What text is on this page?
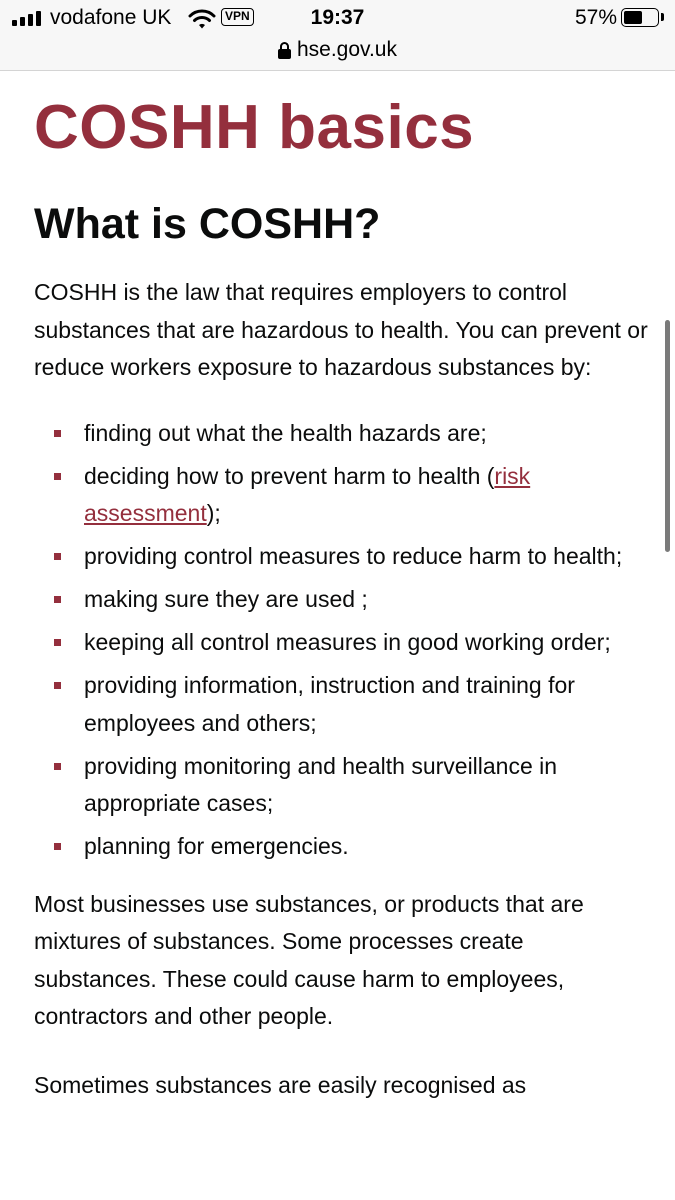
vodafone UK	VPN	19:37	57%
hse.gov.uk
COSHH basics
What is COSHH?

COSHH is the law that requires employers to control substances that are hazardous to health. You can prevent or reduce workers exposure to hazardous substances by:

finding out what the health hazards are;
deciding how to prevent harm to health (risk assessment);
providing control measures to reduce harm to health;
making sure they are used ;
keeping all control measures in good working order;
providing information, instruction and training for employees and others;
providing monitoring and health surveillance in appropriate cases;
planning for emergencies.

Most businesses use substances, or products that are mixtures of substances. Some processes create substances. These could cause harm to employees, contractors and other people.

Sometimes substances are easily recognised as
